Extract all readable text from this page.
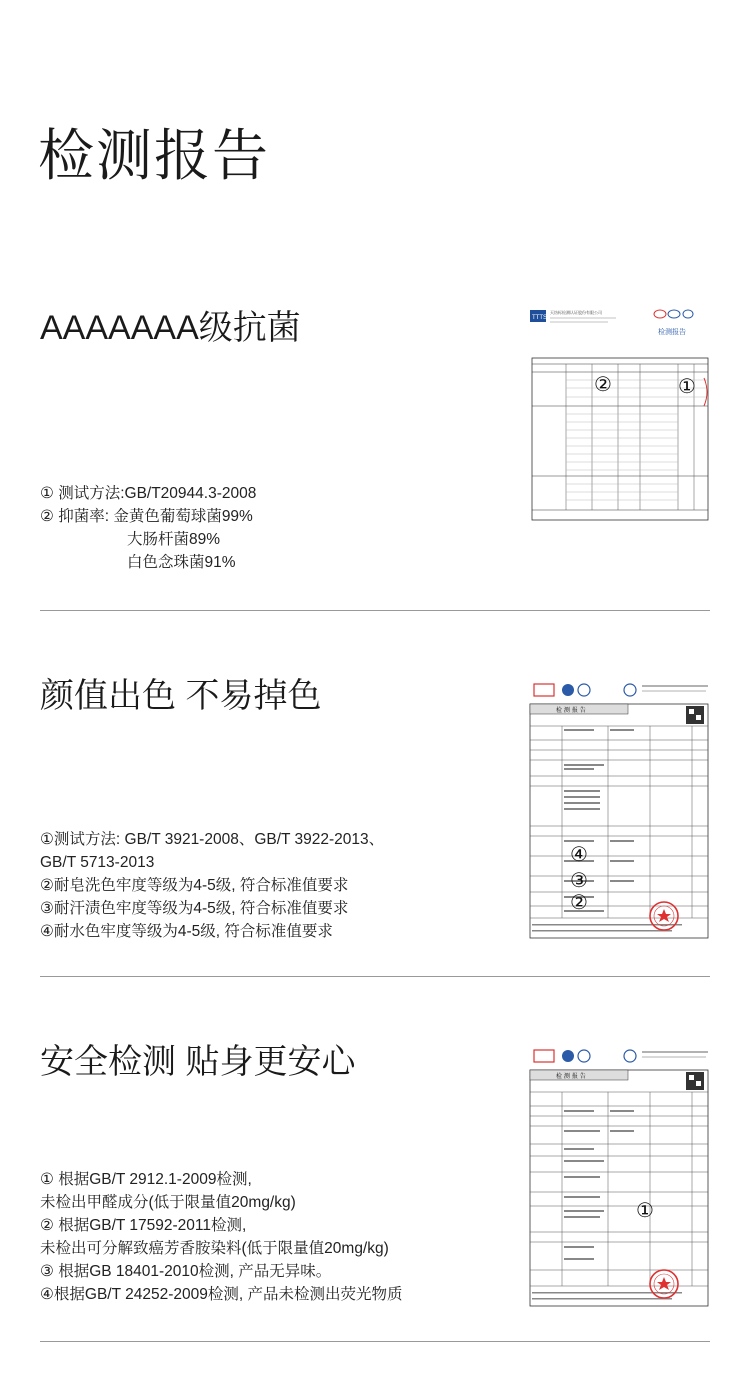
检测报告
AAAAAAA级抗菌
① 测试方法:GB/T20944.3-2008
② 抑菌率: 金黄色葡萄球菌99%
大肠杆菌89%
白色念珠菌91%
TTTS
天纺标检测认证股份有限公司
检测报告
②	①
颜值出色 不易掉色
①测试方法: GB/T 3921-2008、GB/T 3922-2013、
GB/T 5713-2013
②耐皂洗色牢度等级为4-5级, 符合标准值要求
③耐汗渍色牢度等级为4-5级, 符合标准值要求
④耐水色牢度等级为4-5级, 符合标准值要求
检 测 报 告
④
③
②
安全检测 贴身更安心
① 根据GB/T 2912.1-2009检测,
未检出甲醛成分(低于限量值20mg/kg)
② 根据GB/T 17592-2011检测,
未检出可分解致癌芳香胺染料(低于限量值20mg/kg)
③ 根据GB 18401-2010检测, 产品无异味。
④根据GB/T 24252-2009检测, 产品未检测出荧光物质
检 测 报 告
①
